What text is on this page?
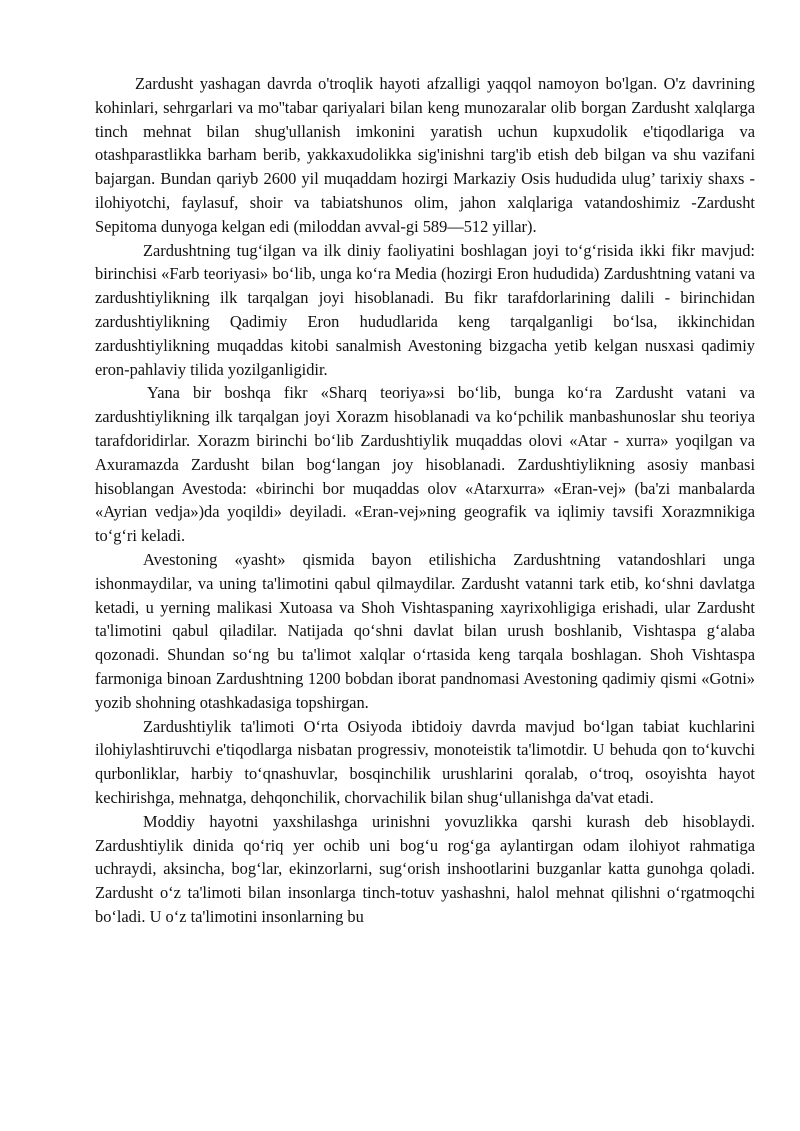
Zardusht yashagan davrda o'troqlik hayoti afzalligi yaqqol namoyon bo'lgan. O'z davrining kohinlari, sehrgarlari va mo''tabar qariyalari bilan keng munozaralar olib borgan Zardusht xalqlarga tinch mehnat bilan shug'ullanish imkonini yaratish uchun kupxudolik e'tiqodlariga va otashparastlikka barham berib, yakkaxudolikka sig'inishni targ'ib etish deb bilgan va shu vazifani bajargan. Bundan qariyb 2600 yil muqaddam hozirgi Markaziy Osis hududida ulug’ tarixiy shaxs - ilohiyotchi, faylasuf, shoir va tabiatshunos olim, jahon xalqlariga vatandoshimiz -Zardusht Sepitoma dunyoga kelgan edi (miloddan avval-gi 589—512 yillar).

Zardushtning tug‘ilgan va ilk diniy faoliyatini boshlagan joyi to‘g‘risida ikki fikr mavjud: birinchisi «Farb teoriyasi» bo‘lib, unga ko‘ra Media (hozirgi Eron hududida) Zardushtning vatani va zardushtiylikning ilk tarqalgan joyi hisoblanadi. Bu fikr tarafdorlarining dalili - birinchidan zardushtiylikning Qadimiy Eron hududlarida keng tarqalganligi bo‘lsa, ikkinchidan zardushtiylikning muqaddas kitobi sanalmish Avestoning bizgacha yetib kelgan nusxasi qadimiy eron-pahlaviy tilida yozilganligidir.

Yana bir boshqa fikr «Sharq teoriya»si bo‘lib, bunga ko‘ra Zardusht vatani va zardushtiylikning ilk tarqalgan joyi Xorazm hisoblanadi va ko‘pchilik manbashunoslar shu teoriya tarafdoridirlar. Xorazm birinchi bo‘lib Zardushtiylik muqaddas olovi «Atar - xurra» yoqilgan va Axuramazda Zardusht bilan bog‘langan joy hisoblanadi. Zardushtiylikning asosiy manbasi hisoblangan Avestoda: «birinchi bor muqaddas olov «Atarxurra» «Eran-vej» (ba'zi manbalarda «Ayrian vedja»)da yoqildi» deyiladi. «Eran-vej»ning geografik va iqlimiy tavsifi Xorazmnikiga to‘g‘ri keladi.

Avestoning «yasht» qismida bayon etilishicha Zardushtning vatandoshlari unga ishonmaydilar, va uning ta'limotini qabul qilmaydilar. Zardusht vatanni tark etib, ko‘shni davlatga ketadi, u yerning malikasi Xutoasa va Shoh Vishtaspaning xayrixohligiga erishadi, ular Zardusht ta'limotini qabul qiladilar. Natijada qo‘shni davlat bilan urush boshlanib, Vishtaspa g‘alaba qozonadi. Shundan so‘ng bu ta'limot xalqlar o‘rtasida keng tarqala boshlagan. Shoh Vishtaspa farmoniga binoan Zardushtning 1200 bobdan iborat pandnomasi Avestoning qadimiy qismi «Gotni» yozib shohning otashkadasiga topshirgan.

Zardushtiylik ta'limoti O‘rta Osiyoda ibtidoiy davrda mavjud bo‘lgan tabiat kuchlarini ilohiylashtiruvchi e'tiqodlarga nisbatan progressiv, monoteistik ta'limotdir. U behuda qon to‘kuvchi qurbonliklar, harbiy to‘qnashuvlar, bosqinchilik urushlarini qoralab, o‘troq, osoyishta hayot kechirishga, mehnatga, dehqonchilik, chorvachilik bilan shug‘ullanishga da'vat etadi.

Moddiy hayotni yaxshilashga urinishni yovuzlikka qarshi kurash deb hisoblaydi. Zardushtiylik dinida qo‘riq yer ochib uni bog‘u rog‘ga aylantirgan odam ilohiyot rahmatiga uchraydi, aksincha, bog‘lar, ekinzorlarni, sug‘orish inshootlarini buzganlar katta gunohga qoladi. Zardusht o‘z ta'limoti bilan insonlarga tinch-totuv yashashni, halol mehnat qilishni o‘rgatmoqchi bo‘ladi. U o‘z ta'limotini insonlarning bu
